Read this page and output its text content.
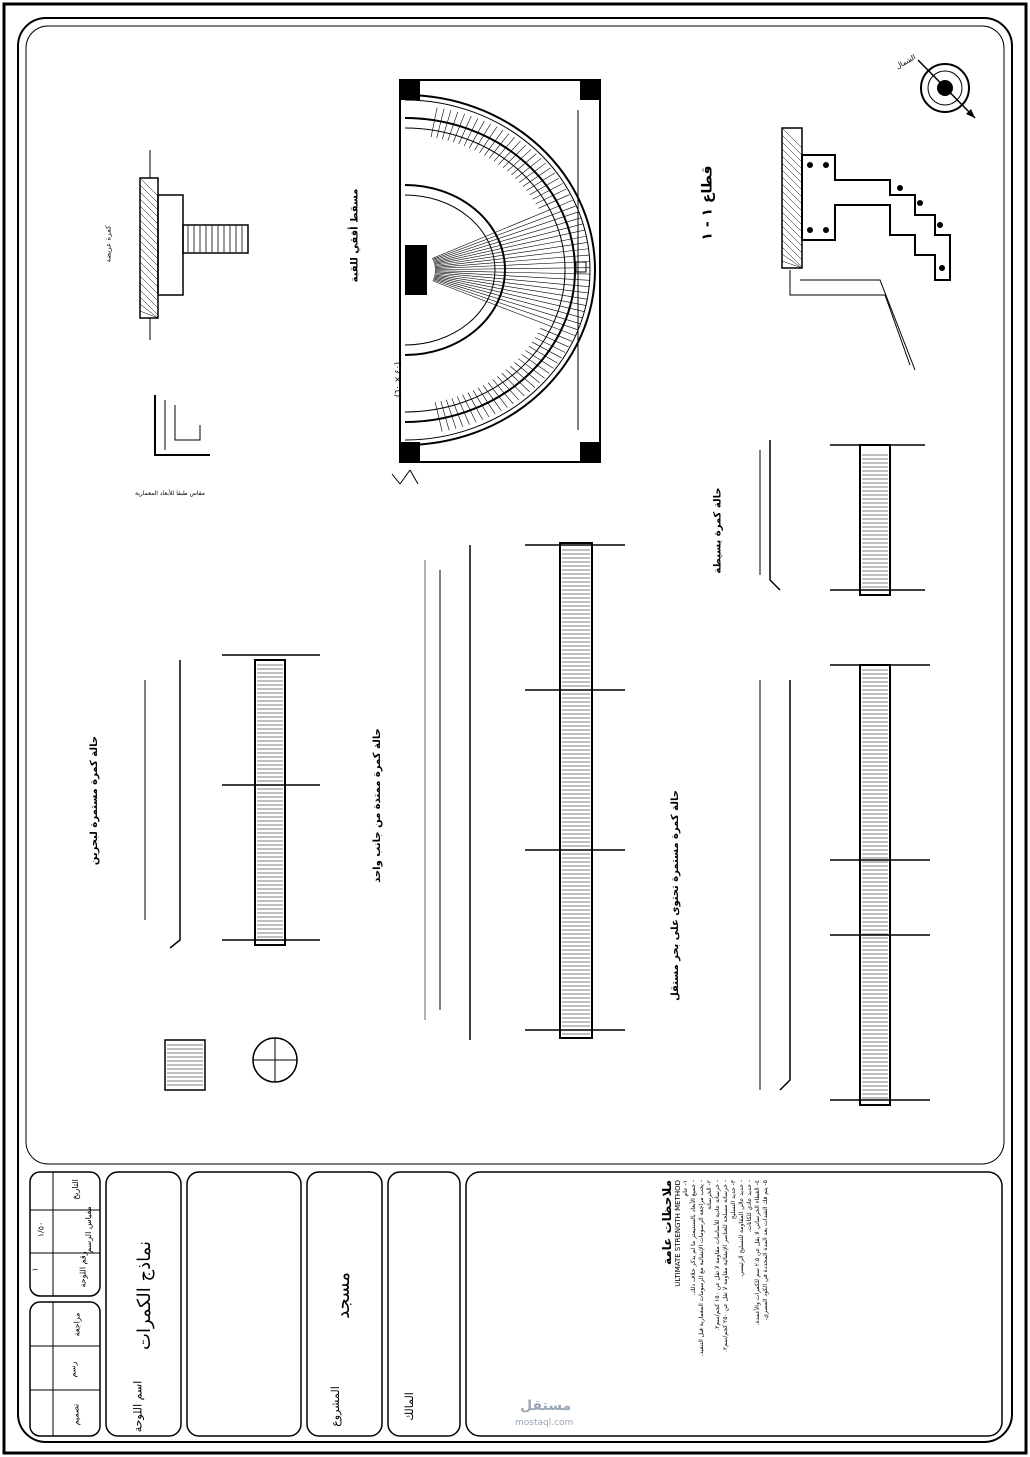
قطاع ١ - ١
مسقط أفقي للقبة
حالة كمرة بسيطة
حالة كمرة مستمرة لبحرين	حالة كمرة ممتدة من جانب واحد	حالة كمرة مستمرة تحتوى على بحر مستقل
كمرة عريضة
مقاس طبقا للأبعاد المعمارية
(٤٠ × ٦٠)
الشمال
ملاحظات عامة ULTIMATE STRENGTH METHOD ١- عام - جميع الأبعاد بالسنتيمتر ما لم يذكر خلاف ذلك. - يجب مراجعة الرسومات الإنشائية مع الرسومات المعمارية قبل التنفيذ. ٢- الخرسانة
- خرسانة عادية للأساسات مقاومة لا تقل عن ١٥٠ كجم/سم٢.
- خرسانة مسلحة للعناصر الإنشائية مقاومة لا تقل عن ٢٥٠ كجم/سم٢. ٣- حديد التسليح - حديد عالي المقاومة للتسليح الرئيسي. - حديد عادي للكانات.
٤- الغطاء الخرساني لا يقل عن ٢.٥ سم للكمرات والأعمدة.
٥- يتم فك الشدات بعد المدة المحددة في الكود المصري.
المالك
المشروع
مسجد
اسم اللوحة
نماذج الكمرات
رقم اللوحة
١
مقياس الرسم
١/٥٠
التاريخ
تصميم
رسم
مراجعة
مستقل
mostaql.com
